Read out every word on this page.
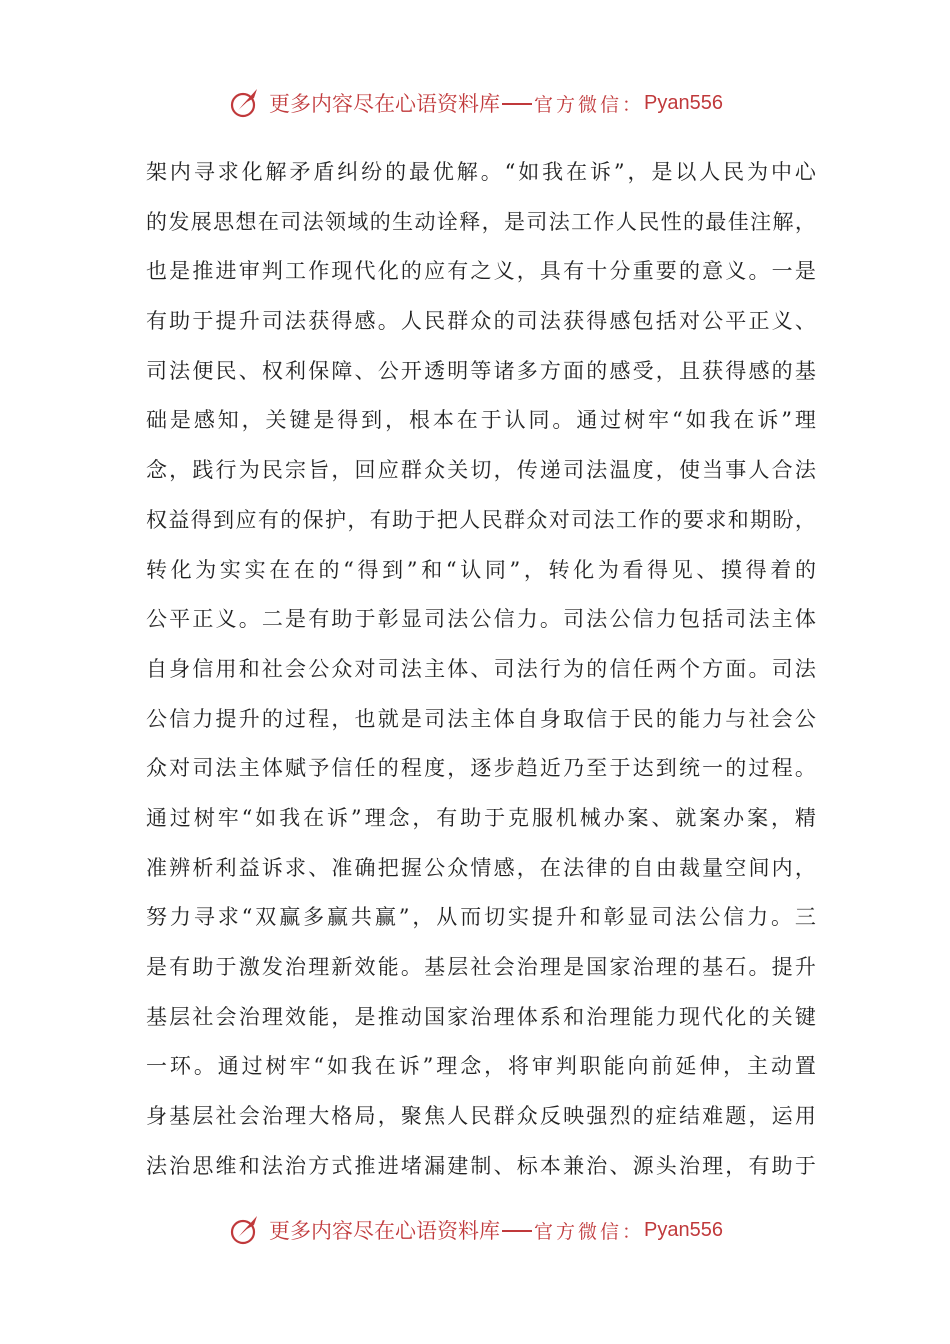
更多内容尽在心语资料库 官方微信： Pyan556
架 内 寻 求 化 解 矛 盾 纠 纷 的 最 优 解 。 “ 如 我 在 诉 ” ， 是 以 人 民 为 中 心
的 发 展 思 想 在 司 法 领 域 的 生 动 诠 释 ， 是 司 法 工 作 人 民 性 的 最 佳 注 解 ，
也 是 推 进 审 判 工 作 现 代 化 的 应 有 之 义 ， 具 有 十 分 重 要 的 意 义 。 一 是
有 助 于 提 升 司 法 获 得 感 。 人 民 群 众 的 司 法 获 得 感 包 括 对 公 平 正 义 、
司 法 便 民 、 权 利 保 障 、 公 开 透 明 等 诸 多 方 面 的 感 受 ， 且 获 得 感 的 基
础 是 感 知 ， 关 键 是 得 到 ， 根 本 在 于 认 同 。 通 过 树 牢 “ 如 我 在 诉 ” 理
念 ， 践 行 为 民 宗 旨 ， 回 应 群 众 关 切 ， 传 递 司 法 温 度 ， 使 当 事 人 合 法
权 益 得 到 应 有 的 保 护 ， 有 助 于 把 人 民 群 众 对 司 法 工 作 的 要 求 和 期 盼 ，
转 化 为 实 实 在 在 的 “ 得 到 ” 和 “ 认 同 ” ， 转 化 为 看 得 见 、 摸 得 着 的
公 平 正 义 。 二 是 有 助 于 彰 显 司 法 公 信 力 。 司 法 公 信 力 包 括 司 法 主 体
自 身 信 用 和 社 会 公 众 对 司 法 主 体 、 司 法 行 为 的 信 任 两 个 方 面 。 司 法
公 信 力 提 升 的 过 程 ， 也 就 是 司 法 主 体 自 身 取 信 于 民 的 能 力 与 社 会 公
众 对 司 法 主 体 赋 予 信 任 的 程 度 ， 逐 步 趋 近 乃 至 于 达 到 统 一 的 过 程 。
通 过 树 牢 “ 如 我 在 诉 ” 理 念 ， 有 助 于 克 服 机 械 办 案 、 就 案 办 案 ， 精
准 辨 析 利 益 诉 求 、 准 确 把 握 公 众 情 感 ， 在 法 律 的 自 由 裁 量 空 间 内 ，
努 力 寻 求 “ 双 赢 多 赢 共 赢 ” ， 从 而 切 实 提 升 和 彰 显 司 法 公 信 力 。 三
是 有 助 于 激 发 治 理 新 效 能 。 基 层 社 会 治 理 是 国 家 治 理 的 基 石 。 提 升
基 层 社 会 治 理 效 能 ， 是 推 动 国 家 治 理 体 系 和 治 理 能 力 现 代 化 的 关 键
一 环 。 通 过 树 牢 “ 如 我 在 诉 ” 理 念 ， 将 审 判 职 能 向 前 延 伸 ， 主 动 置
身 基 层 社 会 治 理 大 格 局 ， 聚 焦 人 民 群 众 反 映 强 烈 的 症 结 难 题 ， 运 用
法 治 思 维 和 法 治 方 式 推 进 堵 漏 建 制 、 标 本 兼 治 、 源 头 治 理 ， 有 助 于
更多内容尽在心语资料库 官方微信： Pyan556
